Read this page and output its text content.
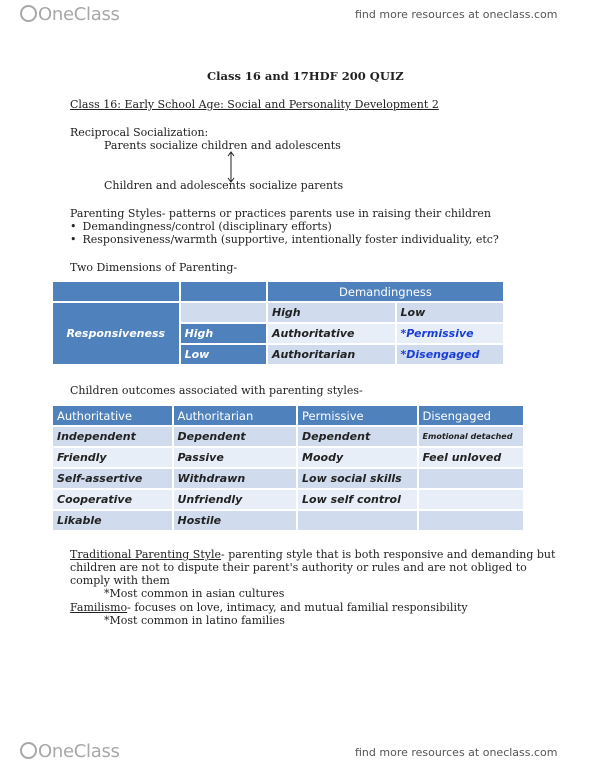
OneClass	find more resources at oneclass.com
Class 16 and 17HDF 200 QUIZ
Class 16: Early School Age: Social and Personality Development 2
Reciprocal Socialization:
Parents socialize children and adolescents
Children and adolescents socialize parents
Parenting Styles- patterns or practices parents use in raising their children
• Demandingness/control (disciplinary efforts)
• Responsiveness/warmth (supportive, intentionally foster individuality, etc?
Two Dimensions of Parenting-
		Demandingness	
Responsiveness		High	Low
	High	Authoritative	*Permissive
	Low	Authoritarian	*Disengaged
Children outcomes associated with parenting styles-
Authoritative	Authoritarian	Permissive	Disengaged
Independent	Dependent	Dependent	Emotional detached
Friendly	Passive	Moody	Feel unloved
Self-assertive	Withdrawn	Low social skills	
Cooperative	Unfriendly	Low self control	
Likable	Hostile		
Traditional Parenting Style- parenting style that is both responsive and demanding but
children are not to dispute their parent's authority or rules and are not obliged to
comply with them
*Most common in asian cultures
Familismo- focuses on love, intimacy, and mutual familial responsibility
*Most common in latino families
OneClass	find more resources at oneclass.com
